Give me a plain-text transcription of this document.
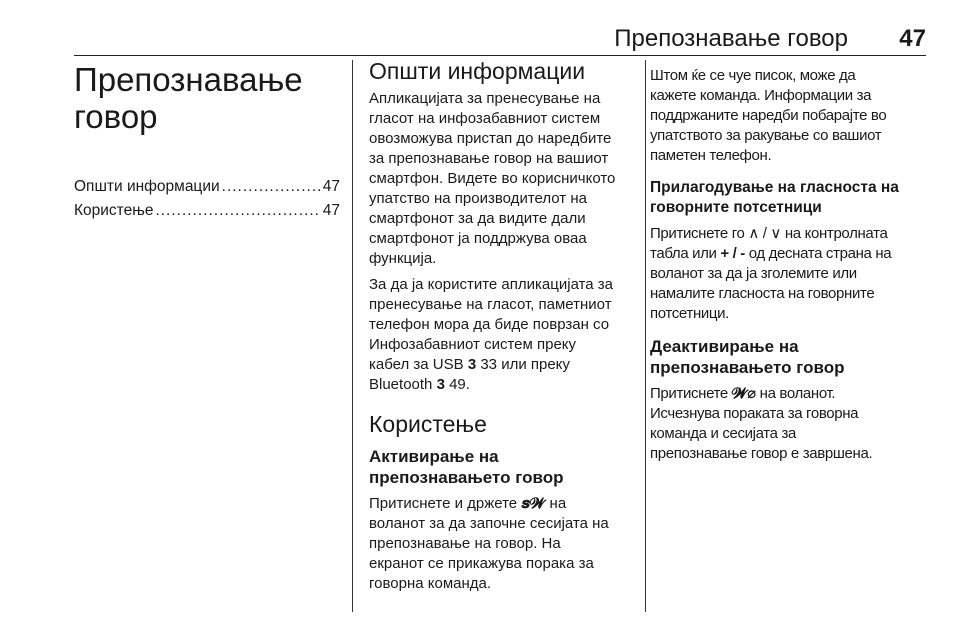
Препознавање говор 47
Препознавање
говор
Општи информации .....	47
Користење .....	47
Општи информации

Апликацијата за пренесување на
гласот на инфозабавниот систем
овозможува пристап до наредбите
за препознавање говор на вашиот
смартфон. Видете во корисничкото
упатство на производителот на
смартфонот за да видите дали
смартфонот ја поддржува оваа
функција.

За да ја користите апликацијата за
пренесување на гласот, паметниот
телефон мора да биде поврзан со
Инфозабавниот систем преку
кабел за USB 3 33 или преку
Bluetooth 3 49.

Користење
Активирање на
препознавањето говор

Притиснете и држете 𝒔𝓦 на
воланот за да започне сесијата на
препознавање на говор. На
екранот се прикажува порака за
говорна команда.

Штом ќе се чуе писок, може да
кажете команда. Информации за
поддржаните наредби побарајте во
упатството за ракување со вашиот
паметен телефон.

Прилагодување на гласноста на
говорните потсетници

Притиснете го ∧ / ∨ на контролната
табла или + / - од десната страна на
воланот за да ја зголемите или
намалите гласноста на говорните
потсетници.

Деактивирање на
препознавањето говор

Притиснете 𝓦⌀ на воланот.
Исчезнува поракатa за говорна
команда и сесијата за
препознавање говор е завршена.
